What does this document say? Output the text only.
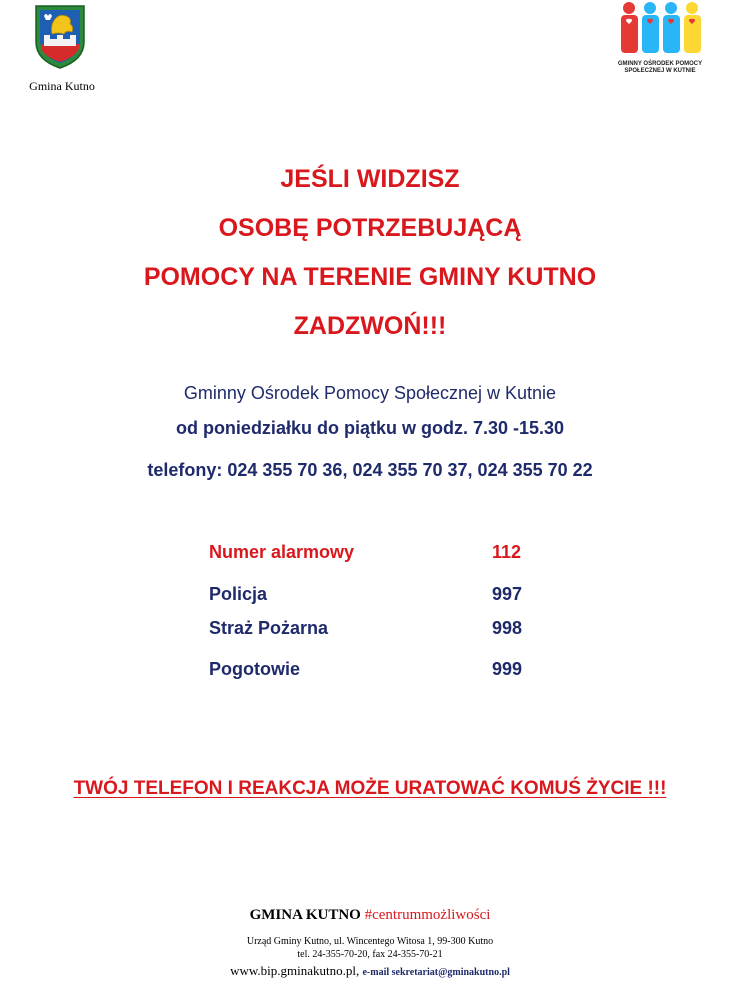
Gmina Kutno
GMINNY OŚRODEK POMOCY
SPOŁECZNEJ W KUTNIE
JEŚLI WIDZISZ
OSOBĘ POTRZEBUJĄCĄ
POMOCY NA TERENIE GMINY KUTNO
ZADZWOŃ!!!
Gminny Ośrodek Pomocy Społecznej w Kutnie
od poniedziałku do piątku w godz. 7.30 -15.30
telefony: 024 355 70 36, 024 355 70 37, 024 355 70 22
Numer alarmowy	112
Policja	997
Straż Pożarna	998
Pogotowie	999
TWÓJ TELEFON I REAKCJA MOŻE URATOWAĆ KOMUŚ ŻYCIE !!!
GMINA KUTNO #centrummożliwości
Urząd Gminy Kutno, ul. Wincentego Witosa 1, 99-300 Kutno
tel. 24-355-70-20, fax 24-355-70-21
www.bip.gminakutno.pl, e-mail sekretariat@gminakutno.pl
